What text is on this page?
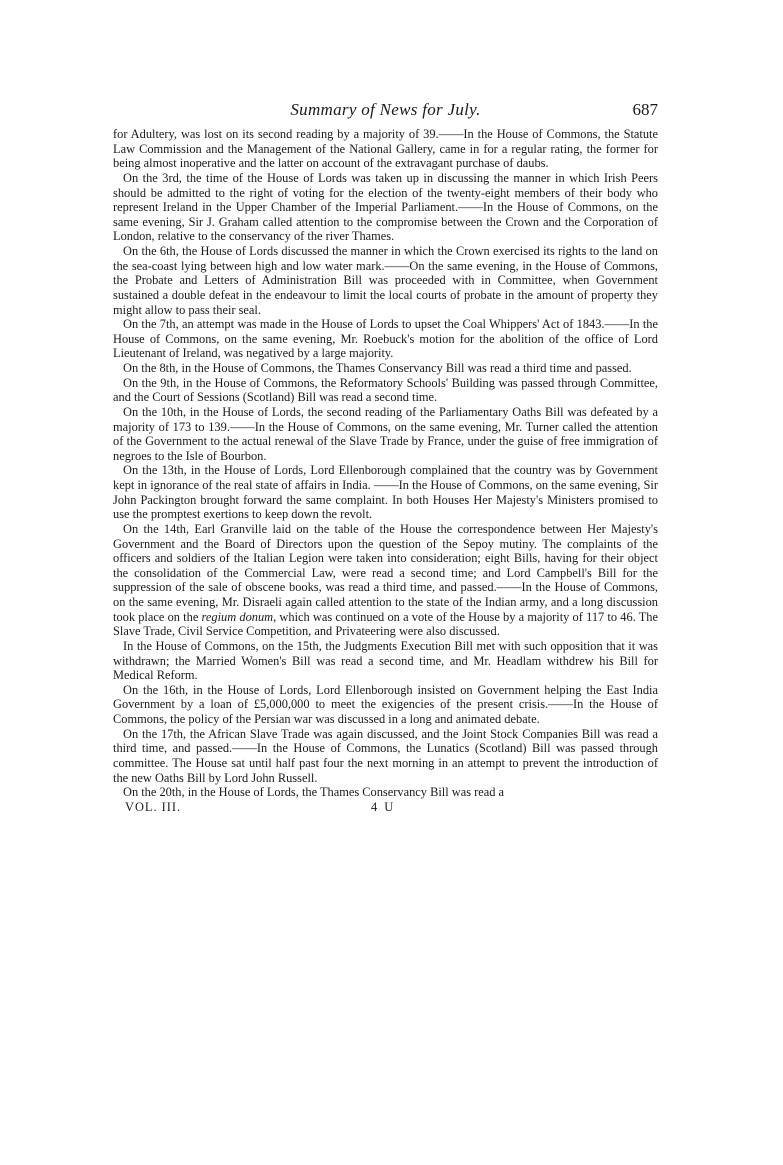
Summary of News for July.	687

for Adultery, was lost on its second reading by a majority of 39.——In the House of Commons, the Statute Law Commission and the Management of the National Gallery, came in for a regular rating, the former for being almost inoperative and the latter on account of the extravagant purchase of daubs.

On the 3rd, the time of the House of Lords was taken up in discussing the manner in which Irish Peers should be admitted to the right of voting for the election of the twenty-eight members of their body who represent Ireland in the Upper Chamber of the Imperial Parliament.——In the House of Commons, on the same evening, Sir J. Graham called attention to the compromise between the Crown and the Corporation of London, relative to the conservancy of the river Thames.

On the 6th, the House of Lords discussed the manner in which the Crown exercised its rights to the land on the sea-coast lying between high and low water mark.——On the same evening, in the House of Commons, the Probate and Letters of Administration Bill was proceeded with in Committee, when Government sustained a double defeat in the endeavour to limit the local courts of probate in the amount of property they might allow to pass their seal.

On the 7th, an attempt was made in the House of Lords to upset the Coal Whippers' Act of 1843.——In the House of Commons, on the same evening, Mr. Roebuck's motion for the abolition of the office of Lord Lieutenant of Ireland, was negatived by a large majority.

On the 8th, in the House of Commons, the Thames Conservancy Bill was read a third time and passed.

On the 9th, in the House of Commons, the Reformatory Schools' Building was passed through Committee, and the Court of Sessions (Scotland) Bill was read a second time.

On the 10th, in the House of Lords, the second reading of the Parliamentary Oaths Bill was defeated by a majority of 173 to 139.——In the House of Commons, on the same evening, Mr. Turner called the attention of the Government to the actual renewal of the Slave Trade by France, under the guise of free immigration of negroes to the Isle of Bourbon.

On the 13th, in the House of Lords, Lord Ellenborough complained that the country was by Government kept in ignorance of the real state of affairs in India. ——In the House of Commons, on the same evening, Sir John Packington brought forward the same complaint. In both Houses Her Majesty's Ministers promised to use the promptest exertions to keep down the revolt.

On the 14th, Earl Granville laid on the table of the House the correspondence between Her Majesty's Government and the Board of Directors upon the question of the Sepoy mutiny. The complaints of the officers and soldiers of the Italian Legion were taken into consideration; eight Bills, having for their object the consolidation of the Commercial Law, were read a second time; and Lord Campbell's Bill for the suppression of the sale of obscene books, was read a third time, and passed.——In the House of Commons, on the same evening, Mr. Disraeli again called attention to the state of the Indian army, and a long discussion took place on the regium donum, which was continued on a vote of the House by a majority of 117 to 46. The Slave Trade, Civil Service Competition, and Privateering were also discussed.

In the House of Commons, on the 15th, the Judgments Execution Bill met with such opposition that it was withdrawn; the Married Women's Bill was read a second time, and Mr. Headlam withdrew his Bill for Medical Reform.

On the 16th, in the House of Lords, Lord Ellenborough insisted on Government helping the East India Government by a loan of £5,000,000 to meet the exigencies of the present crisis.——In the House of Commons, the policy of the Persian war was discussed in a long and animated debate.

On the 17th, the African Slave Trade was again discussed, and the Joint Stock Companies Bill was read a third time, and passed.——In the House of Commons, the Lunatics (Scotland) Bill was passed through committee. The House sat until half past four the next morning in an attempt to prevent the introduction of the new Oaths Bill by Lord John Russell.

On the 20th, in the House of Lords, the Thames Conservancy Bill was read a

VOL. III.	4 U
